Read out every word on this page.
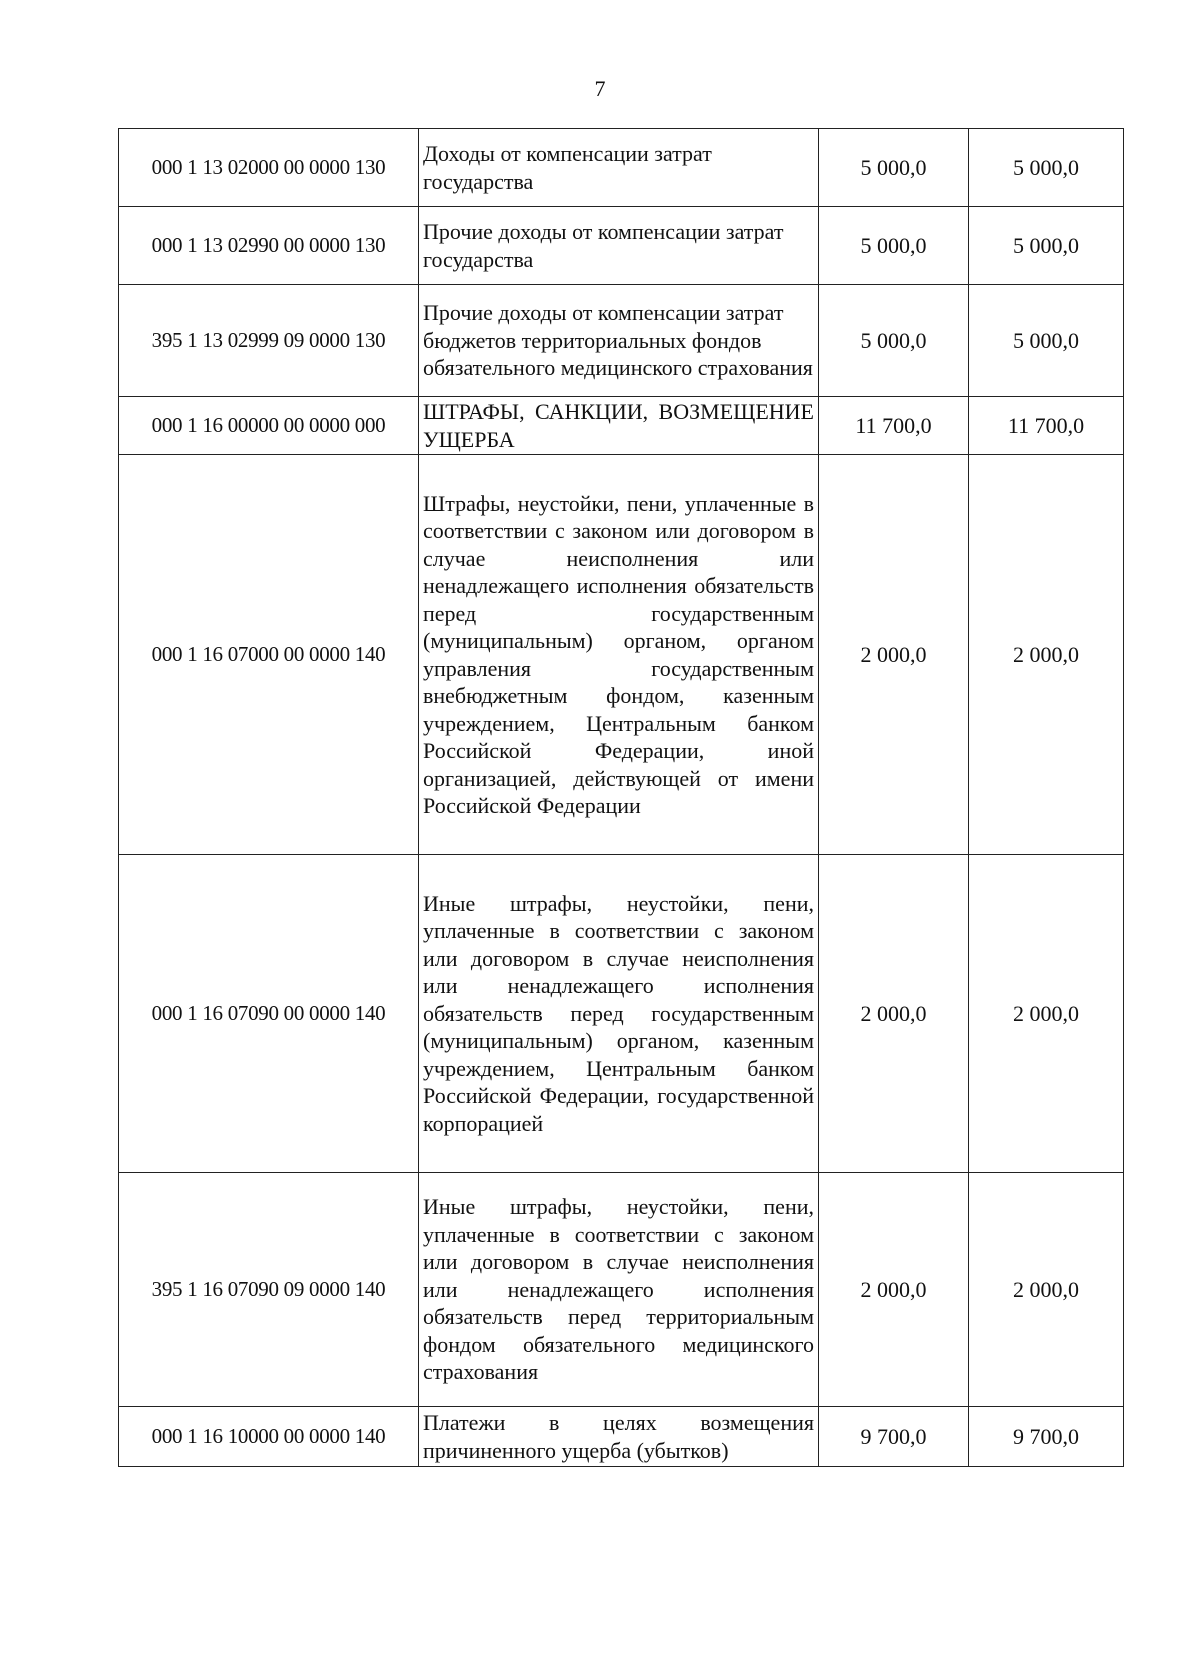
7
000 1 13 02000 00 0000 130	Доходы от компенсации затрат государства	5 000,0	5 000,0
000 1 13 02990 00 0000 130	Прочие доходы от компенсации затрат государства	5 000,0	5 000,0
395 1 13 02999 09 0000 130	Прочие доходы от компенсации затрат бюджетов территориальных фондов обязательного медицинского страхования	5 000,0	5 000,0
000 1 16 00000 00 0000 000	ШТРАФЫ, САНКЦИИ, ВОЗМЕЩЕНИЕ УЩЕРБА	11 700,0	11 700,0
000 1 16 07000 00 0000 140	Штрафы, неустойки, пени, уплаченные в соответствии с законом или договором в случае неисполнения или ненадлежащего исполнения обязательств перед государственным (муниципальным) органом, органом управления государственным внебюджетным фондом, казенным учреждением, Центральным банком Российской Федерации, иной организацией, действующей от имени Российской Федерации	2 000,0	2 000,0
000 1 16 07090 00 0000 140	Иные штрафы, неустойки, пени, уплаченные в соответствии с законом или договором в случае неисполнения или ненадлежащего исполнения обязательств перед государственным (муниципальным) органом, казенным учреждением, Центральным банком Российской Федерации, государственной корпорацией	2 000,0	2 000,0
395 1 16 07090 09 0000 140	Иные штрафы, неустойки, пени, уплаченные в соответствии с законом или договором в случае неисполнения или ненадлежащего исполнения обязательств перед территориальным фондом обязательного медицинского страхования	2 000,0	2 000,0
000 1 16 10000 00 0000 140	Платежи в целях возмещения причиненного ущерба (убытков)	9 700,0	9 700,0
